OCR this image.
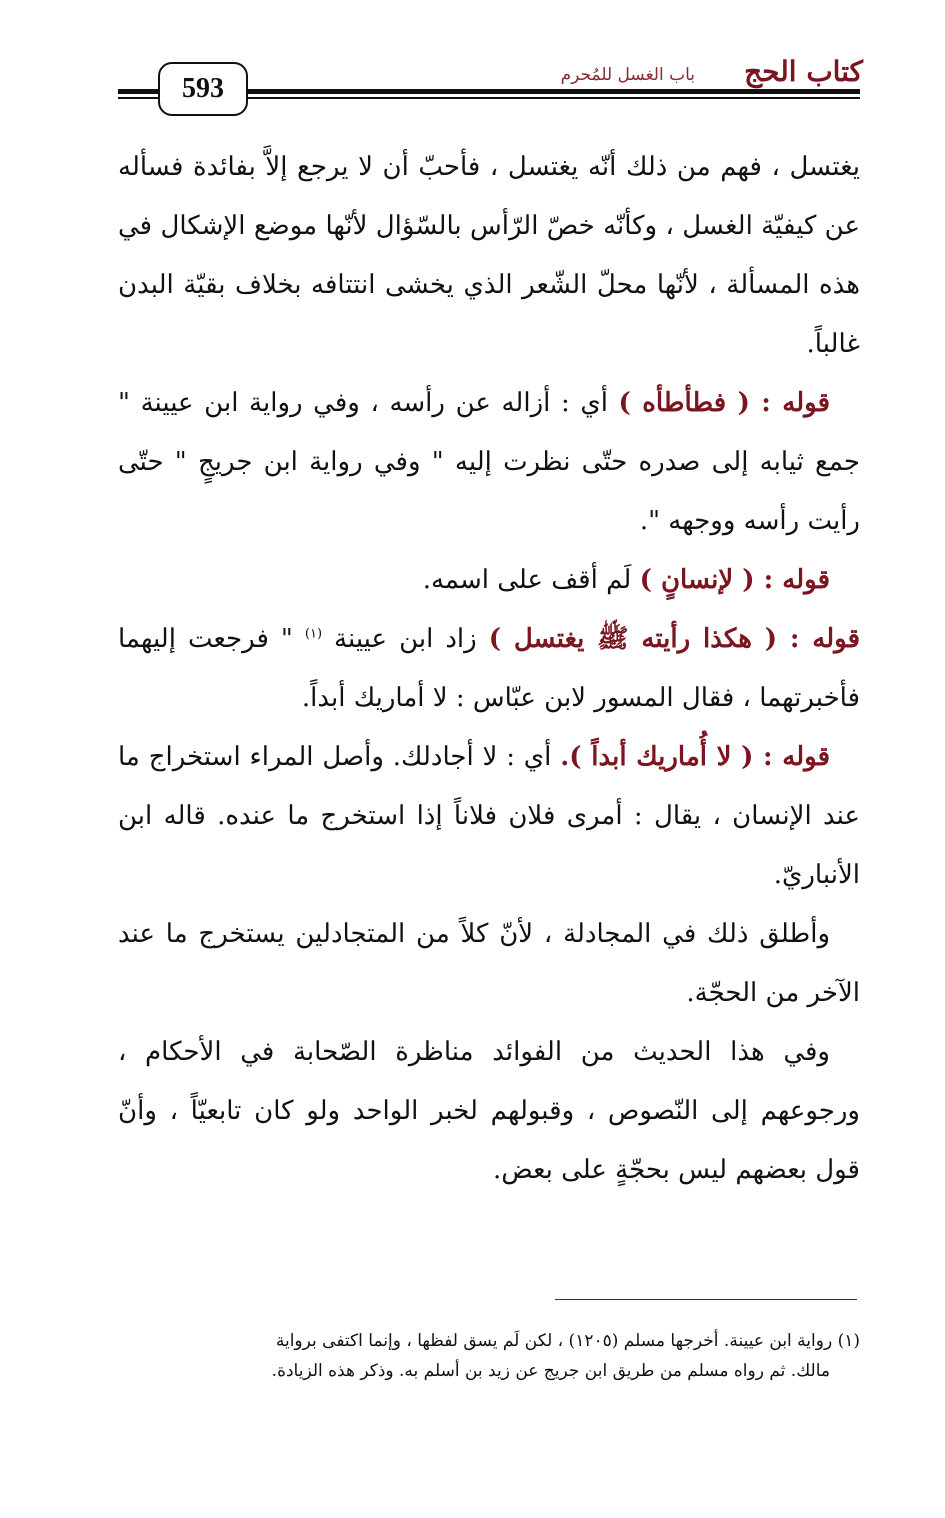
كتاب الحج
باب الغسل للمُحرم
593

يغتسل ، فهم من ذلك أنّه يغتسل ، فأحبّ أن لا يرجع إلاَّ بفائدة فسأله عن كيفيّة الغسل ، وكأنّه خصّ الرّأس بالسّؤال لأنّها موضع الإشكال في هذه المسألة ، لأنّها محلّ الشّعر الذي يخشى انتتافه بخلاف بقيّة البدن غالباً.

قوله : ( فطأطأه ) أي : أزاله عن رأسه ، وفي رواية ابن عيينة " جمع ثيابه إلى صدره حتّى نظرت إليه " وفي رواية ابن جريجٍ " حتّى رأيت رأسه ووجهه ".

قوله : ( لإنسانٍ ) لَم أقف على اسمه.

قوله : ( هكذا رأيته ﷺ يغتسل ) زاد ابن عيينة $^{(١)}$ " فرجعت إليهما فأخبرتهما ، فقال المسور لابن عبّاس : لا أماريك أبداً.

قوله : ( لا أُماريك أبداً ). أي : لا أجادلك. وأصل المراء استخراج ما عند الإنسان ، يقال : أمرى فلان فلاناً إذا استخرج ما عنده. قاله ابن الأنباريّ.

وأطلق ذلك في المجادلة ، لأنّ كلاً من المتجادلين يستخرج ما عند الآخر من الحجّة.

وفي هذا الحديث من الفوائد مناظرة الصّحابة في الأحكام ، ورجوعهم إلى النّصوص ، وقبولهم لخبر الواحد ولو كان تابعيّاً ، وأنّ قول بعضهم ليس بحجّةٍ على بعض.

(١) رواية ابن عيينة. أخرجها مسلم (١٢٠٥) ، لكن لَم يسق لفظها ، وإنما اكتفى برواية

مالك. ثم رواه مسلم من طريق ابن جريج عن زيد بن أسلم به. وذكر هذه الزيادة.
